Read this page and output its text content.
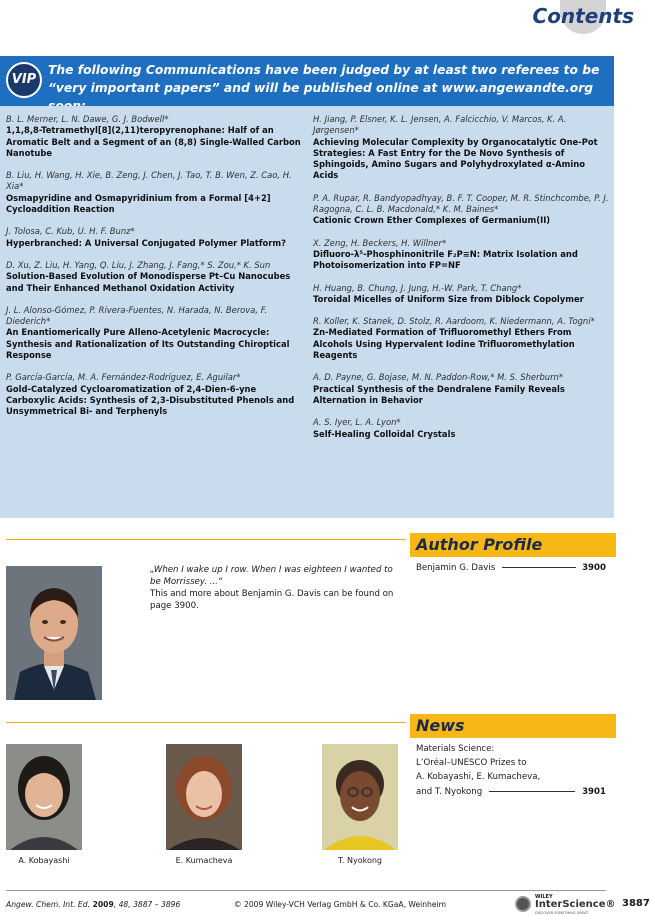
Contents
VIP
The following Communications have been judged by at least two referees to be “very important papers” and will be published online at www.angewandte.org
B. L. Merner, L. N. Dawe, G. J. Bodwell*
1,1,8,8-Tetramethyl[8](2,11)teropyrenophane: Half of an Aromatic Belt and a Segment of an (8,8) Single-Walled Carbon Nanotube
B. Liu, H. Wang, H. Xie, B. Zeng, J. Chen, J. Tao, T. B. Wen, Z. Cao, H. Xia*
Osmapyridine and Osmapyridinium from a Formal [4+2] Cycloaddition Reaction
J. Tolosa, C. Kub, U. H. F. Bunz*
Hyperbranched: A Universal Conjugated Polymer Platform?
D. Xu, Z. Liu, H. Yang, Q. Liu, J. Zhang, J. Fang,* S. Zou,* K. Sun
Solution-Based Evolution of Monodisperse Pt–Cu Nanocubes and Their Enhanced Methanol Oxidation Activity
J. L. Alonso-Gómez, P. Rivera-Fuentes, N. Harada, N. Berova, F. Diederich*
An Enantiomerically Pure Alleno-Acetylenic Macrocycle: Synthesis and Rationalization of Its Outstanding Chiroptical Response
P. García-García, M. A. Fernández-Rodríguez, E. Aguilar*
Gold-Catalyzed Cycloaromatization of 2,4-Dien-6-yne Carboxylic Acids: Synthesis of 2,3-Disubstituted Phenols and Unsymmetrical Bi- and Terphenyls
H. Jiang, P. Elsner, K. L. Jensen, A. Falcicchio, V. Marcos, K. A. Jørgensen*
Achieving Molecular Complexity by Organocatalytic One-Pot Strategies: A Fast Entry for the De Novo Synthesis of Sphingoids, Amino Sugars and Polyhydroxylated α-Amino Acids
P. A. Rupar, R. Bandyopadhyay, B. F. T. Cooper, M. R. Stinchcombe, P. J. Ragogna, C. L. B. Macdonald,* K. M. Baines*
Cationic Crown Ether Complexes of Germanium(II)
X. Zeng, H. Beckers, H. Willner*
Difluoro-λ⁵-Phosphinonitrile F₂P≡N: Matrix Isolation and Photoisomerization into FP=NF
H. Huang, B. Chung, J. Jung, H.-W. Park, T. Chang*
Toroidal Micelles of Uniform Size from Diblock Copolymer
R. Koller, K. Stanek, D. Stolz, R. Aardoom, K. Niedermann, A. Togni*
Zn-Mediated Formation of Trifluoromethyl Ethers From Alcohols Using Hypervalent Iodine Trifluoromethylation Reagents
A. D. Payne, G. Bojase, M. N. Paddon-Row,* M. S. Sherburn*
Practical Synthesis of the Dendralene Family Reveals Alternation in Behavior
A. S. Iyer, L. A. Lyon*
Self-Healing Colloidal Crystals
Author Profile
„When I wake up I row. When I was eighteen I wanted to be Morrissey. ...“
This and more about Benjamin G. Davis can be found on page 3900.
Benjamin G. Davis	3900
News
Materials Science:
L’Oréal–UNESCO Prizes to
A. Kobayashi, E. Kumacheva,
and T. Nyokong	3901
A. Kobayashi	E. Kumacheva	T. Nyokong
Angew. Chem. Int. Ed. 2009, 48, 3887 – 3896	© 2009 Wiley-VCH Verlag GmbH & Co. KGaA, Weinheim
WILEY
InterScience®
DISCOVER SOMETHING GREAT
3887
